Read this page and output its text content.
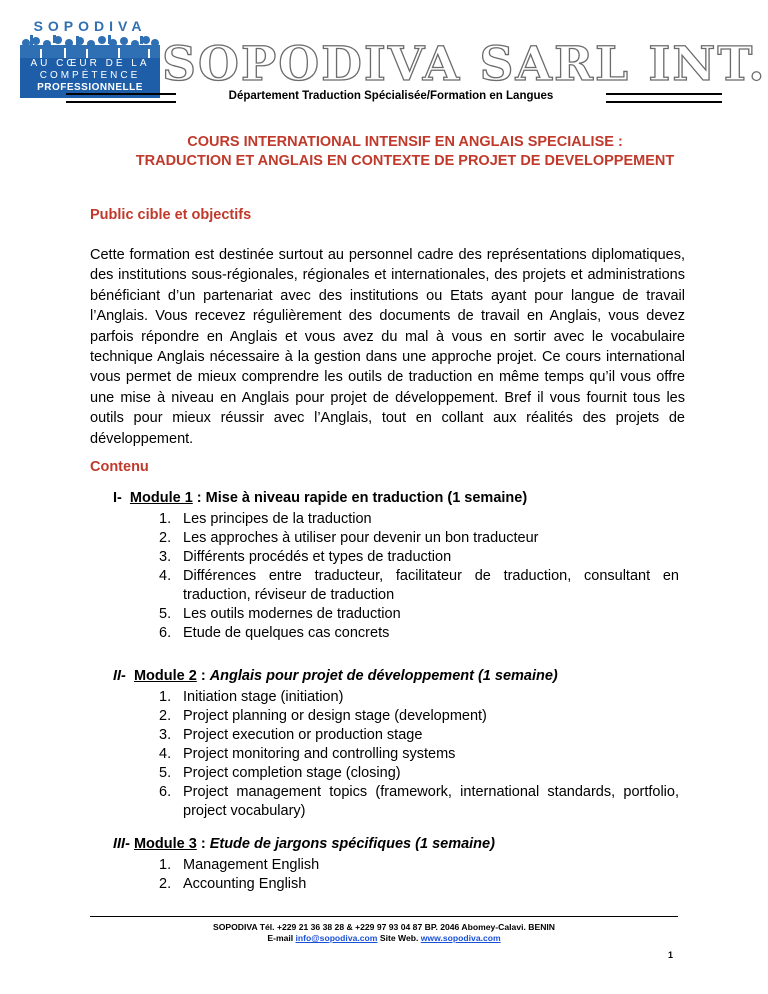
SOPODIVA
AU CŒUR DE LA
COMPÉTENCE
PROFESSIONNELLE SOPODIVA SARL INT.
Département Traduction Spécialisée/Formation en Langues
COURS INTERNATIONAL INTENSIF EN ANGLAIS SPECIALISE :
TRADUCTION ET ANGLAIS EN CONTEXTE DE PROJET DE DEVELOPPEMENT
Public cible et objectifs
Cette formation est destinée surtout au personnel cadre des représentations diplomatiques, des institutions sous-régionales, régionales et internationales, des projets et administrations bénéficiant d’un partenariat avec des institutions ou Etats ayant pour langue de travail l’Anglais. Vous recevez régulièrement des documents de travail en Anglais, vous devez parfois répondre en Anglais et vous avez du mal à vous en sortir avec le vocabulaire technique Anglais nécessaire à la gestion dans une approche projet. Ce cours international vous permet de mieux comprendre les outils de traduction en même temps qu’il vous offre une mise à niveau en Anglais pour projet de développement. Bref il vous fournit tous les outils pour mieux réussir avec l’Anglais, tout en collant aux réalités des projets de développement.
Contenu
I- Module 1 : Mise à niveau rapide en traduction (1 semaine)
1. Les principes de la traduction
2. Les approches à utiliser pour devenir un bon traducteur
3. Différents procédés et types de traduction
4. Différences entre traducteur, facilitateur de traduction, consultant en traduction, réviseur de traduction
5. Les outils modernes de traduction
6. Etude de quelques cas concrets
II- Module 2 : Anglais pour projet de développement (1 semaine)
1. Initiation stage (initiation)
2. Project planning or design stage (development)
3. Project execution or production stage
4. Project monitoring and controlling systems
5. Project completion stage (closing)
6. Project management topics (framework, international standards, portfolio, project vocabulary)
III- Module 3 : Etude de jargons spécifiques (1 semaine)
1. Management English
2. Accounting English
SOPODIVA Tél. +229 21 36 38 28 & +229 97 93 04 87 BP. 2046 Abomey-Calavi. BENIN
E-mail info@sopodiva.com Site Web. www.sopodiva.com
1
